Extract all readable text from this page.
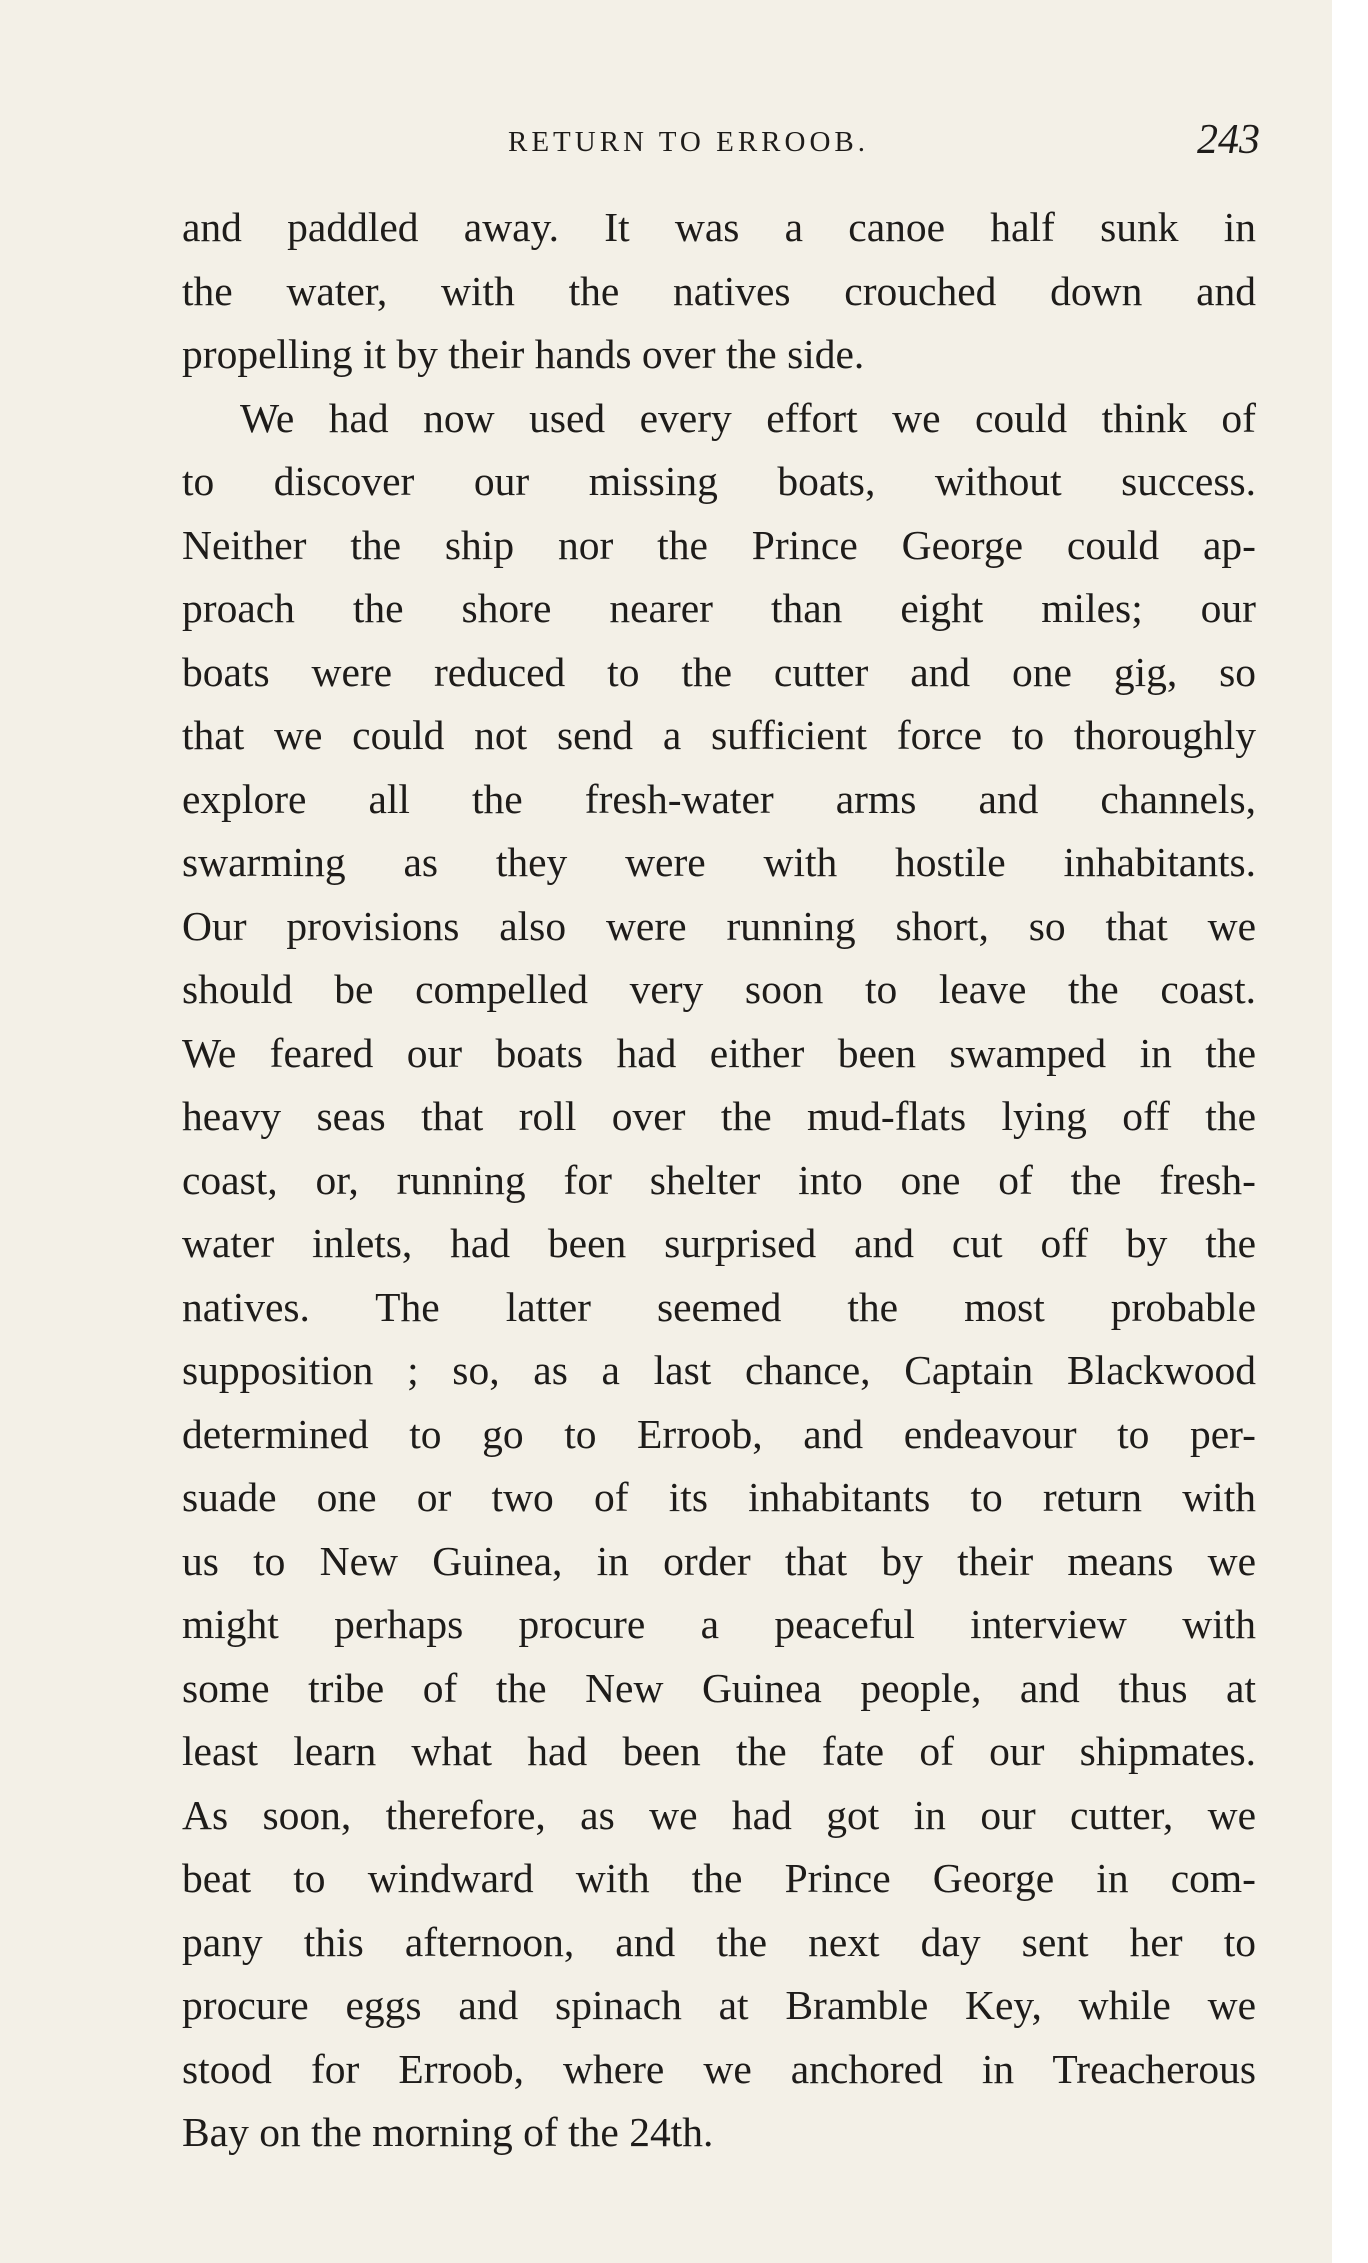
RETURN TO ERROOB.	243
and paddled away. It was a canoe half sunk in
the water, with the natives crouched down and
propelling it by their hands over the side.
We had now used every effort we could think of
to discover our missing boats, without success.
Neither the ship nor the Prince George could ap-
proach the shore nearer than eight miles; our
boats were reduced to the cutter and one gig, so
that we could not send a sufficient force to thoroughly
explore all the fresh-water arms and channels,
swarming as they were with hostile inhabitants.
Our provisions also were running short, so that we
should be compelled very soon to leave the coast.
We feared our boats had either been swamped in the
heavy seas that roll over the mud-flats lying off the
coast, or, running for shelter into one of the fresh-
water inlets, had been surprised and cut off by the
natives. The latter seemed the most probable
supposition ; so, as a last chance, Captain Blackwood
determined to go to Erroob, and endeavour to per-
suade one or two of its inhabitants to return with
us to New Guinea, in order that by their means we
might perhaps procure a peaceful interview with
some tribe of the New Guinea people, and thus at
least learn what had been the fate of our shipmates.
As soon, therefore, as we had got in our cutter, we
beat to windward with the Prince George in com-
pany this afternoon, and the next day sent her to
procure eggs and spinach at Bramble Key, while we
stood for Erroob, where we anchored in Treacherous
Bay on the morning of the 24th.
